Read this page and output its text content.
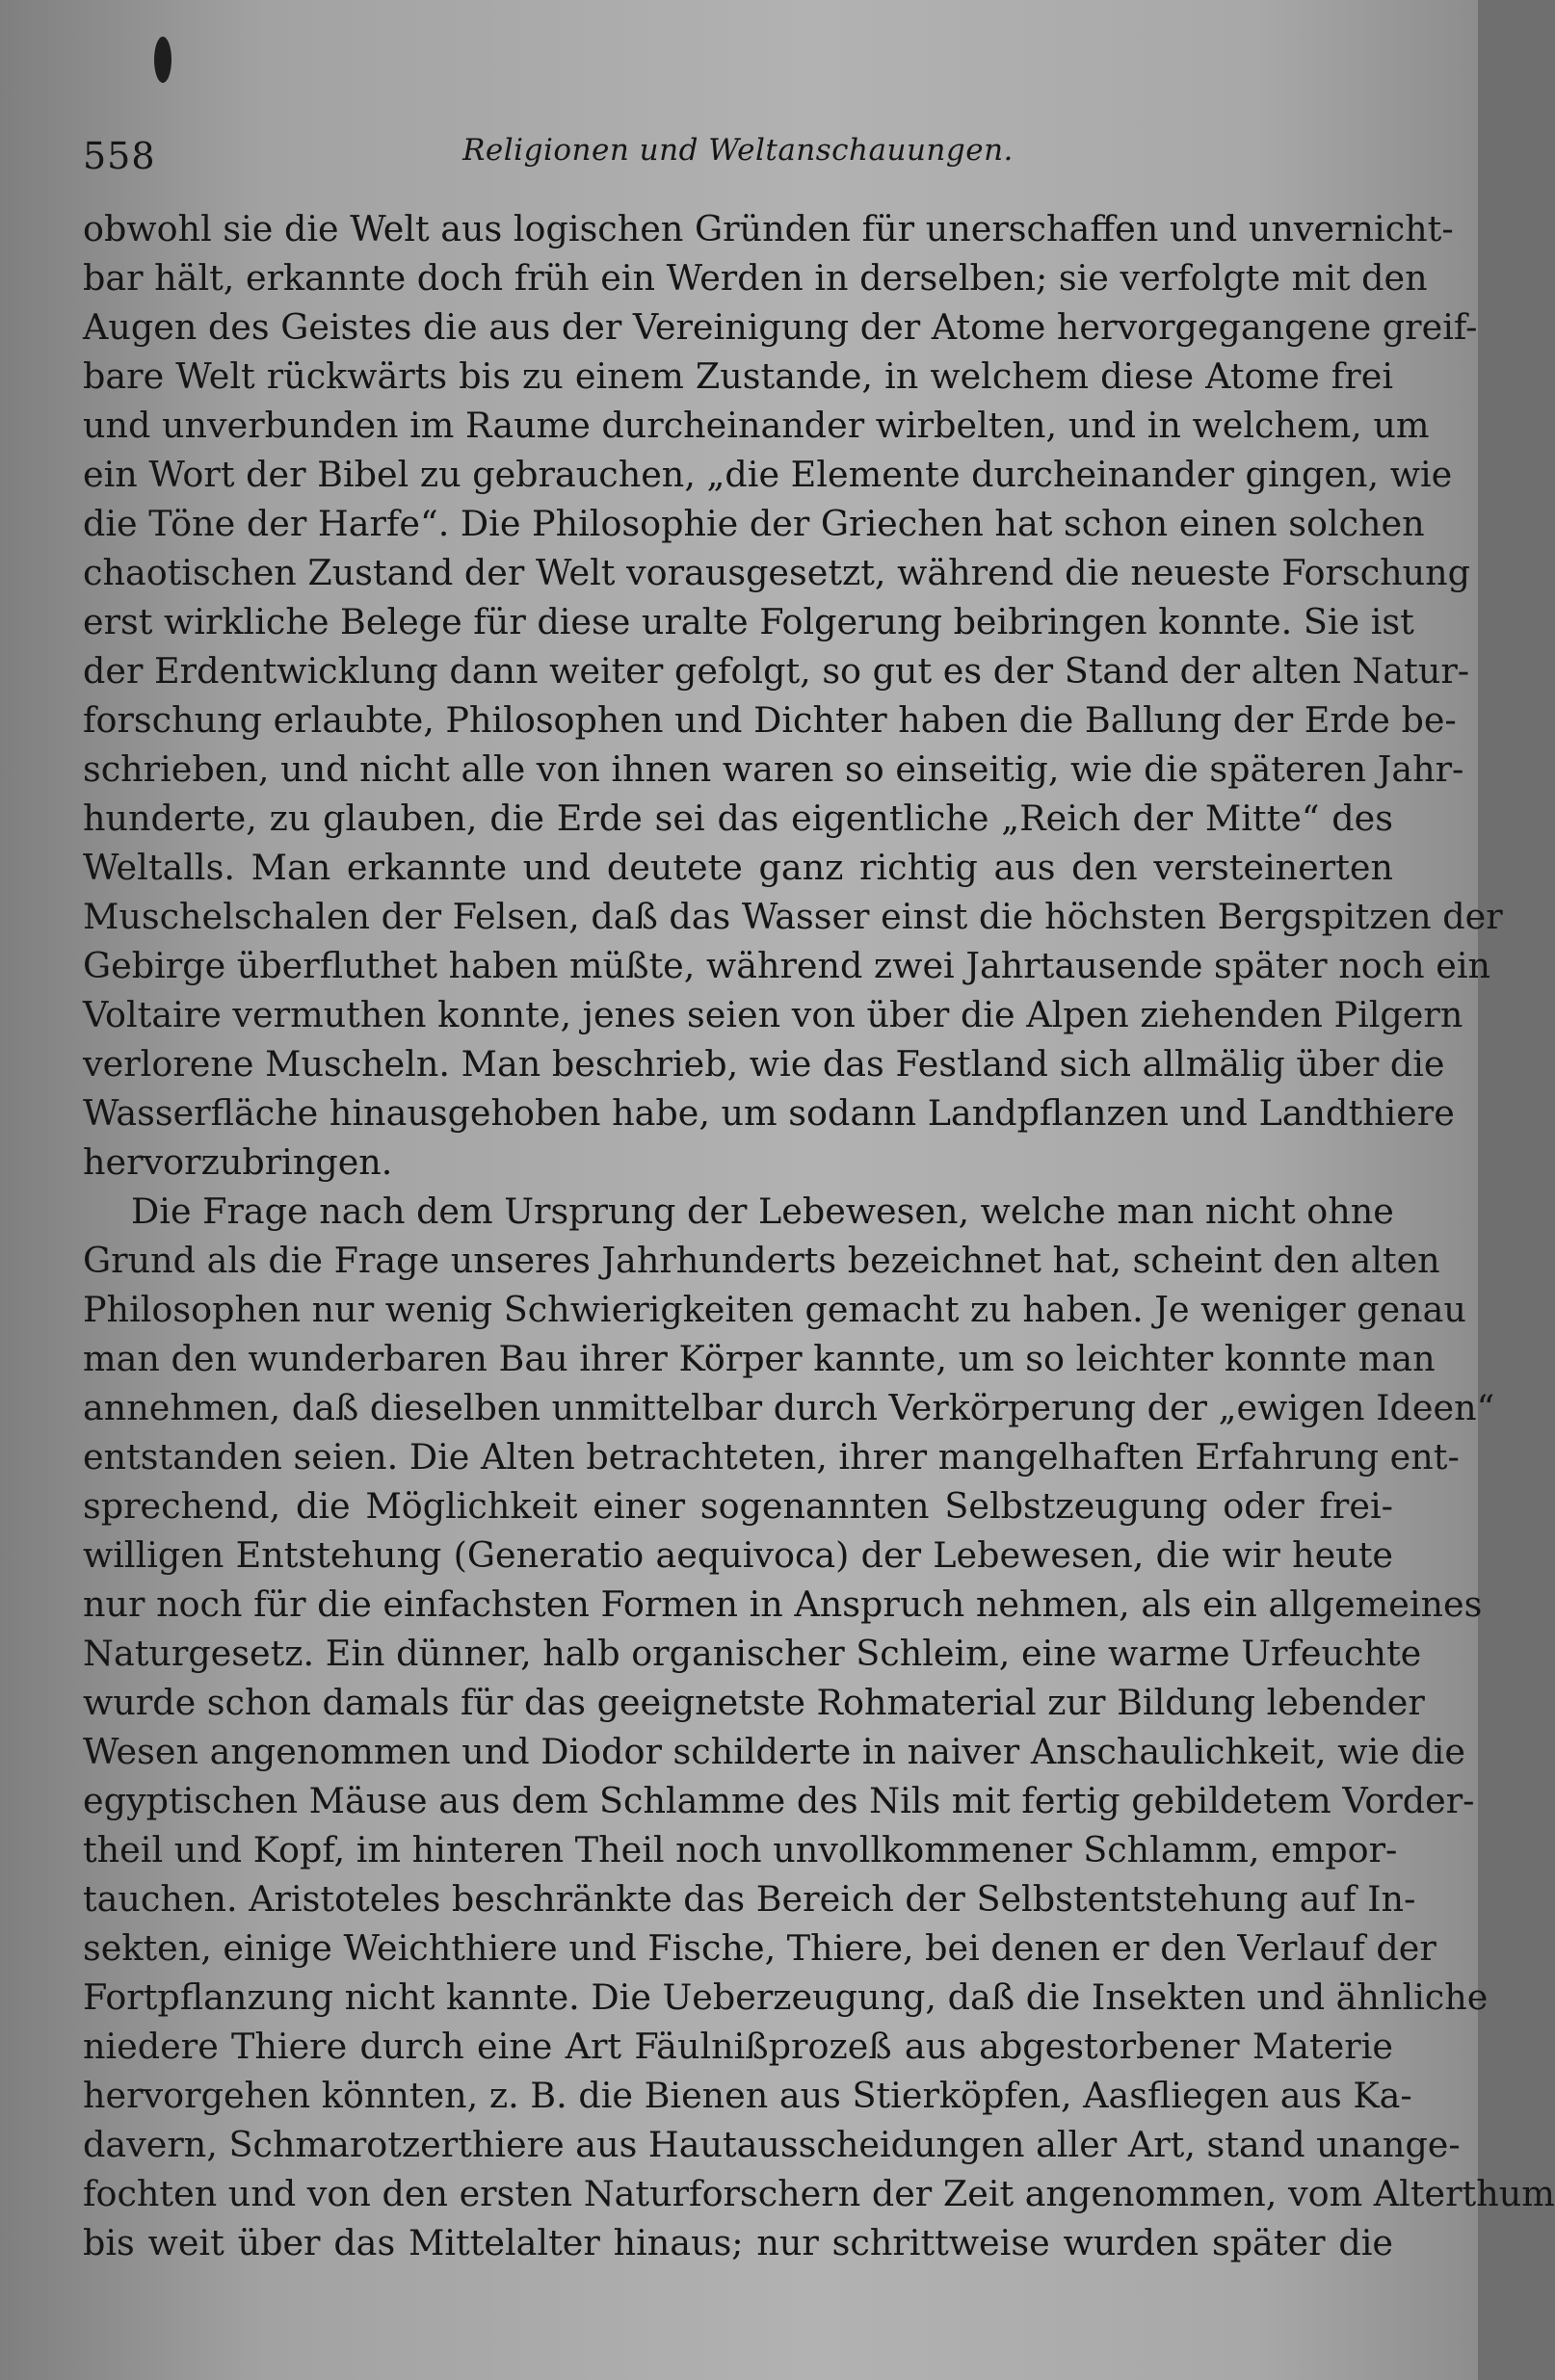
558	Religionen und Weltanschauungen.
obwohl sie die Welt aus logischen Gründen für unerschaffen und unvernicht-
bar hält, erkannte doch früh ein Werden in derselben; sie verfolgte mit den
Augen des Geistes die aus der Vereinigung der Atome hervorgegangene greif-
bare Welt rückwärts bis zu einem Zustande, in welchem diese Atome frei
und unverbunden im Raume durcheinander wirbelten, und in welchem, um
ein Wort der Bibel zu gebrauchen, „die Elemente durcheinander gingen, wie
die Töne der Harfe“. Die Philosophie der Griechen hat schon einen solchen
chaotischen Zustand der Welt vorausgesetzt, während die neueste Forschung
erst wirkliche Belege für diese uralte Folgerung beibringen konnte. Sie ist
der Erdentwicklung dann weiter gefolgt, so gut es der Stand der alten Natur-
forschung erlaubte, Philosophen und Dichter haben die Ballung der Erde be-
schrieben, und nicht alle von ihnen waren so einseitig, wie die späteren Jahr-
hunderte, zu glauben, die Erde sei das eigentliche „Reich der Mitte“ des
Weltalls. Man erkannte und deutete ganz richtig aus den versteinerten
Muschelschalen der Felsen, daß das Wasser einst die höchsten Bergspitzen der
Gebirge überfluthet haben müßte, während zwei Jahrtausende später noch ein
Voltaire vermuthen konnte, jenes seien von über die Alpen ziehenden Pilgern
verlorene Muscheln. Man beschrieb, wie das Festland sich allmälig über die
Wasserfläche hinausgehoben habe, um sodann Landpflanzen und Landthiere
hervorzubringen.
Die Frage nach dem Ursprung der Lebewesen, welche man nicht ohne
Grund als die Frage unseres Jahrhunderts bezeichnet hat, scheint den alten
Philosophen nur wenig Schwierigkeiten gemacht zu haben. Je weniger genau
man den wunderbaren Bau ihrer Körper kannte, um so leichter konnte man
annehmen, daß dieselben unmittelbar durch Verkörperung der „ewigen Ideen“
entstanden seien. Die Alten betrachteten, ihrer mangelhaften Erfahrung ent-
sprechend, die Möglichkeit einer sogenannten Selbstzeugung oder frei-
willigen Entstehung (Generatio aequivoca) der Lebewesen, die wir heute
nur noch für die einfachsten Formen in Anspruch nehmen, als ein allgemeines
Naturgesetz. Ein dünner, halb organischer Schleim, eine warme Urfeuchte
wurde schon damals für das geeignetste Rohmaterial zur Bildung lebender
Wesen angenommen und Diodor schilderte in naiver Anschaulichkeit, wie die
egyptischen Mäuse aus dem Schlamme des Nils mit fertig gebildetem Vorder-
theil und Kopf, im hinteren Theil noch unvollkommener Schlamm, empor-
tauchen. Aristoteles beschränkte das Bereich der Selbstentstehung auf In-
sekten, einige Weichthiere und Fische, Thiere, bei denen er den Verlauf der
Fortpflanzung nicht kannte. Die Ueberzeugung, daß die Insekten und ähnliche
niedere Thiere durch eine Art Fäulnißprozeß aus abgestorbener Materie
hervorgehen könnten, z. B. die Bienen aus Stierköpfen, Aasfliegen aus Ka-
davern, Schmarotzerthiere aus Hautausscheidungen aller Art, stand unange-
fochten und von den ersten Naturforschern der Zeit angenommen, vom Alterthum
bis weit über das Mittelalter hinaus; nur schrittweise wurden später die
